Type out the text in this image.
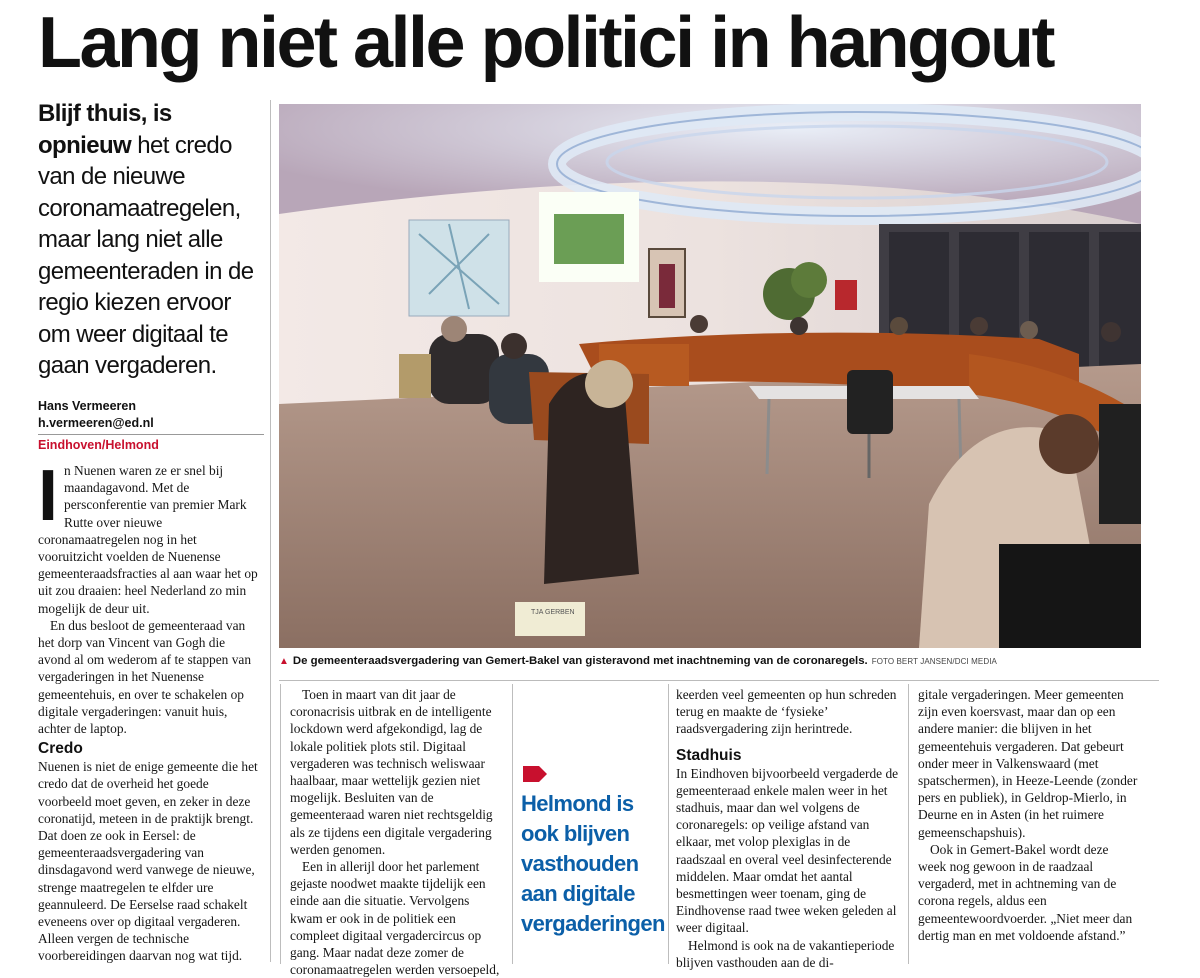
Lang niet alle politici in hangout
Blijf thuis, is opnieuw het credo van de nieuwe coronamaatregelen, maar lang niet alle gemeenteraden in de regio kiezen ervoor om weer digitaal te gaan vergaderen.
Hans Vermeeren
h.vermeeren@ed.nl
Eindhoven/Helmond
TJA GERBEN
▲ De gemeenteraadsvergadering van Gemert-Bakel van gisteravond met inachtneming van de coronaregels. FOTO BERT JANSEN/DCI MEDIA
I n Nuenen waren ze er snel bij maandagavond. Met de persconferentie van premier Mark Rutte over nieuwe coronamaatregelen nog in het vooruitzicht voelden de Nuenense gemeenteraadsfracties al aan waar het op uit zou draaien: heel Nederland zo min mogelijk de deur uit.

En dus besloot de gemeenteraad van het dorp van Vincent van Gogh die avond al om wederom af te stappen van vergaderingen in het Nuenense gemeentehuis, en over te schakelen op digitale vergaderingen: vanuit huis, achter de laptop.

Credo

Nuenen is niet de enige gemeente die het credo dat de overheid het goede voorbeeld moet geven, en zeker in deze coronatijd, meteen in de praktijk brengt. Dat doen ze ook in Eersel: de gemeenteraadsvergadering van dinsdagavond werd vanwege de nieuwe, strenge maatregelen te elfder ure geannuleerd. De Eerselse raad schakelt eveneens over op digitaal vergaderen. Alleen vergen de technische voorbereidingen daarvan nog wat tijd.

Toen in maart van dit jaar de coronacrisis uitbrak en de intelligente lockdown werd afgekondigd, lag de lokale politiek plots stil. Digitaal vergaderen was technisch weliswaar haalbaar, maar wettelijk gezien niet mogelijk. Besluiten van de gemeenteraad waren niet rechtsgeldig als ze tijdens een digitale vergadering werden genomen.

Een in allerijl door het parlement gejaste noodwet maakte tijdelijk een einde aan die situatie. Vervolgens kwam er ook in de politiek een compleet digitaal vergadercircus op gang. Maar nadat deze zomer de coronamaatregelen werden versoepeld,

Helmond is ook blijven vasthouden aan digitale vergaderingen

keerden veel gemeenten op hun schreden terug en maakte de ‘fysieke’ raadsvergadering zijn herintrede.

Stadhuis

In Eindhoven bijvoorbeeld vergaderde de gemeenteraad enkele malen weer in het stadhuis, maar dan wel volgens de coronaregels: op veilige afstand van elkaar, met volop plexiglas in de raadszaal en overal veel desinfecterende middelen. Maar omdat het aantal besmettingen weer toenam, ging de Eindhovense raad twee weken geleden al weer digitaal.

Helmond is ook na de vakantieperiode blijven vasthouden aan de di-

gitale vergaderingen. Meer gemeenten zijn even koersvast, maar dan op een andere manier: die blijven in het gemeentehuis vergaderen. Dat gebeurt onder meer in Valkenswaard (met spatschermen), in Heeze-Leende (zonder pers en publiek), in Geldrop-Mierlo, in Deurne en in Asten (in het ruimere gemeenschapshuis).

Ook in Gemert-Bakel wordt deze week nog gewoon in de raadzaal vergaderd, met in achtneming van de corona regels, aldus een gemeentewoordvoerder. „Niet meer dan dertig man en met voldoende afstand.”
